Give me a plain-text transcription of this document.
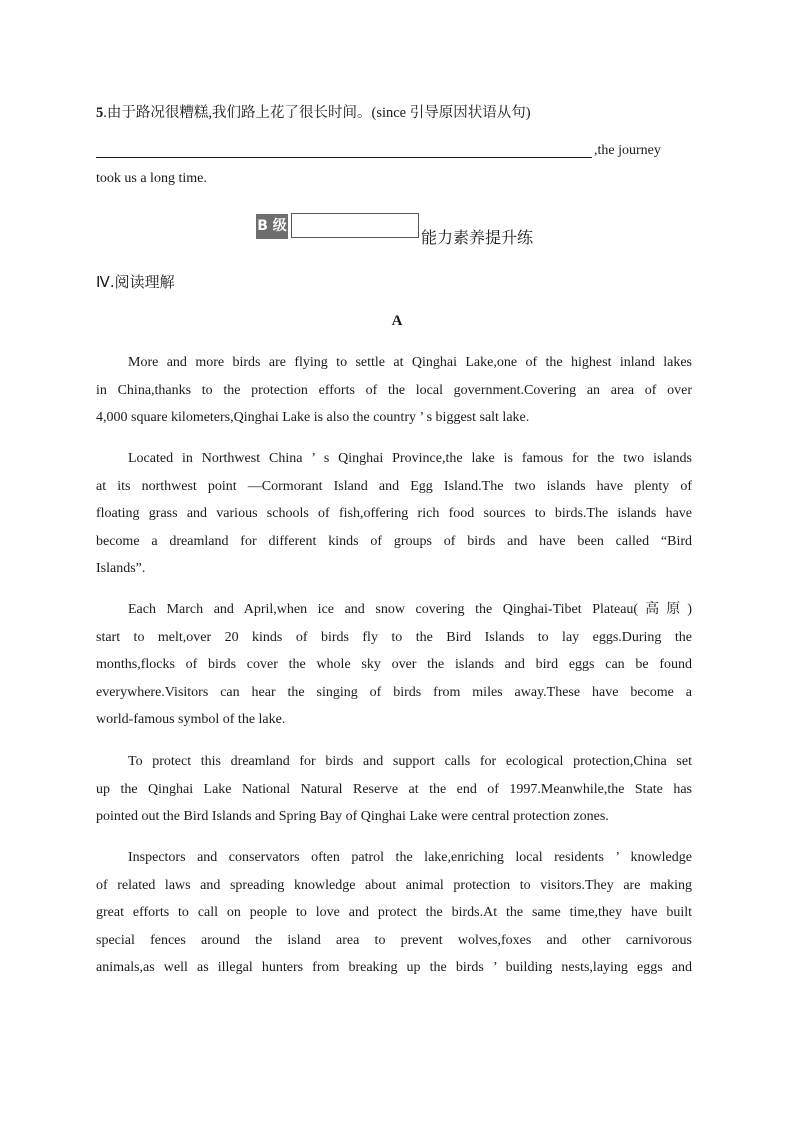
5.由于路况很糟糕,我们路上花了很长时间。(since 引导原因状语从句)
,the journey
took us a long time.
B 级
能力素养提升练
Ⅳ.阅读理解
A
More and more birds are flying to settle at Qinghai Lake,one of the highest inland lakes
in China,thanks to the protection efforts of the local government.Covering an area of over
4,000 square kilometers,Qinghai Lake is also the country ’ s biggest salt lake.
Located in Northwest China ’ s Qinghai Province,the lake is famous for the two islands
at its northwest point —Cormorant Island and Egg Island.The two islands have plenty of
floating grass and various schools of fish,offering rich food sources to birds.The islands have
become a dreamland for different kinds of groups of birds and have been called “Bird
Islands”.
Each March and April,when ice and snow covering the Qinghai-Tibet Plateau(高原)
start to melt,over 20 kinds of birds fly to the Bird Islands to lay eggs.During the
months,flocks of birds cover the whole sky over the islands and bird eggs can be found
everywhere.Visitors can hear the singing of birds from miles away.These have become a
world-famous symbol of the lake.
To protect this dreamland for birds and support calls for ecological protection,China set
up the Qinghai Lake National Natural Reserve at the end of 1997.Meanwhile,the State has
pointed out the Bird Islands and Spring Bay of Qinghai Lake were central protection zones.
Inspectors and conservators often patrol the lake,enriching local residents ’ knowledge
of related laws and spreading knowledge about animal protection to visitors.They are making
great efforts to call on people to love and protect the birds.At the same time,they have built
special fences around the island area to prevent wolves,foxes and other carnivorous
animals,as well as illegal hunters from breaking up the birds ’ building nests,laying eggs and
